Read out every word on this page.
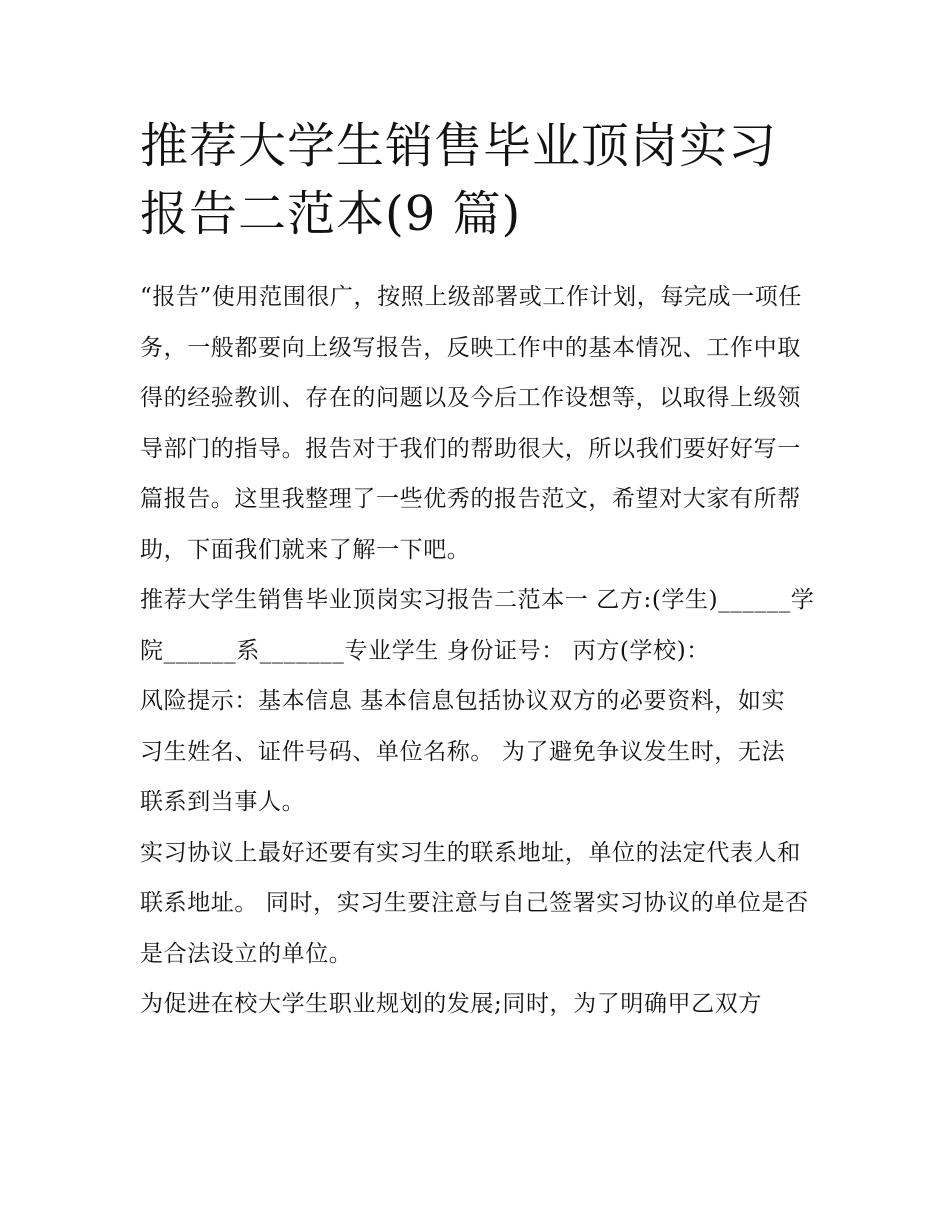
推荐大学生销售毕业顶岗实习报告二范本(9 篇)

“报告”使用范围很广，按照上级部署或工作计划，每完成一项任务，一般都要向上级写报告，反映工作中的基本情况、工作中取得的经验教训、存在的问题以及今后工作设想等，以取得上级领导部门的指导。报告对于我们的帮助很大，所以我们要好好写一篇报告。这里我整理了一些优秀的报告范文，希望对大家有所帮助，下面我们就来了解一下吧。

推荐大学生销售毕业顶岗实习报告二范本一 乙方:(学生)______学院______系_______专业学生 身份证号： 丙方(学校)：

风险提示：基本信息 基本信息包括协议双方的必要资料，如实习生姓名、证件号码、单位名称。 为了避免争议发生时，无法联系到当事人。

实习协议上最好还要有实习生的联系地址，单位的法定代表人和联系地址。 同时，实习生要注意与自己签署实习协议的单位是否是合法设立的单位。

为促进在校大学生职业规划的发展;同时，为了明确甲乙双方
